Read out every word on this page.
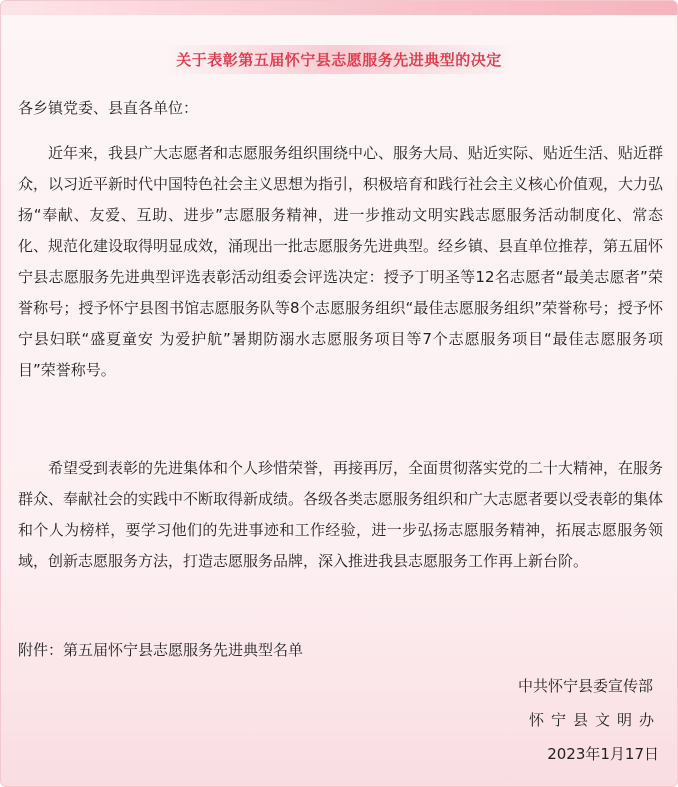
关于表彰第五届怀宁县志愿服务先进典型的决定
各乡镇党委、县直各单位：
近年来，我县广大志愿者和志愿服务组织围绕中心、服务大局、贴近实际、贴近生活、贴近群众，以习近平新时代中国特色社会主义思想为指引，积极培育和践行社会主义核心价值观，大力弘扬“奉献、友爱、互助、进步”志愿服务精神，进一步推动文明实践志愿服务活动制度化、常态化、规范化建设取得明显成效，涌现出一批志愿服务先进典型。经乡镇、县直单位推荐，第五届怀宁县志愿服务先进典型评选表彰活动组委会评选决定：授予丁明圣等12名志愿者“最美志愿者”荣誉称号；授予怀宁县图书馆志愿服务队等8个志愿服务组织“最佳志愿服务组织”荣誉称号；授予怀宁县妇联“盛夏童安 为爱护航”暑期防溺水志愿服务项目等7个志愿服务项目“最佳志愿服务项目”荣誉称号。
希望受到表彰的先进集体和个人珍惜荣誉，再接再厉，全面贯彻落实党的二十大精神，在服务群众、奉献社会的实践中不断取得新成绩。各级各类志愿服务组织和广大志愿者要以受表彰的集体和个人为榜样，要学习他们的先进事迹和工作经验，进一步弘扬志愿服务精神，拓展志愿服务领域，创新志愿服务方法，打造志愿服务品牌，深入推进我县志愿服务工作再上新台阶。
附件：第五届怀宁县志愿服务先进典型名单
中共怀宁县委宣传部
怀宁县文明办
2023年1月17日
